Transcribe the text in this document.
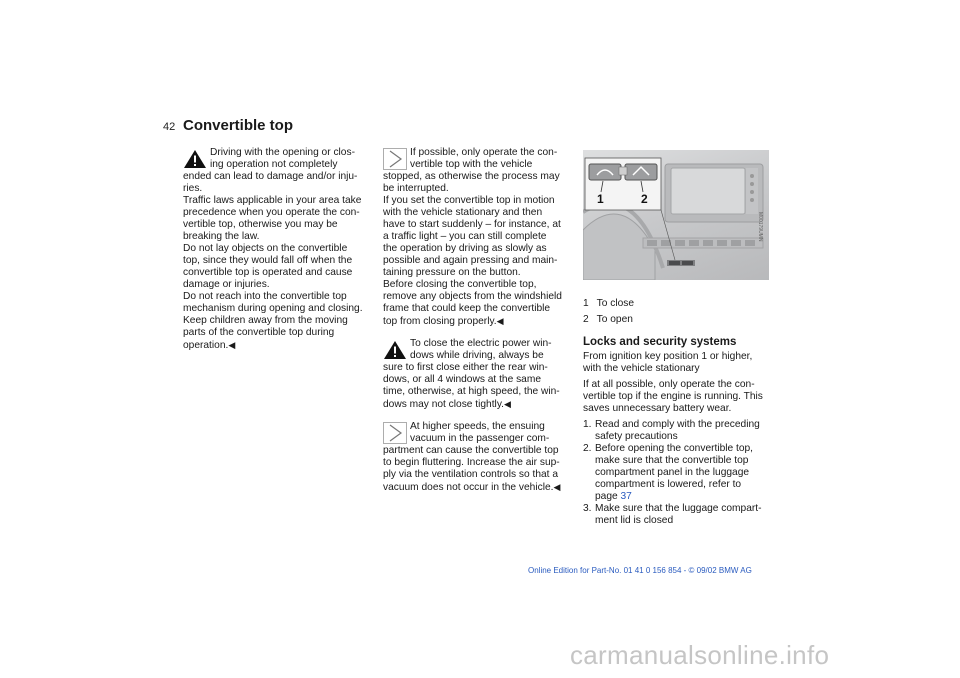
42 Convertible top

Driving with the opening or clos-

ing operation not completely

ended can lead to damage and/or inju-

ries.

Traffic laws applicable in your area take

precedence when you operate the con-

vertible top, otherwise you may be

breaking the law.

Do not lay objects on the convertible

top, since they would fall off when the

convertible top is operated and cause

damage or injuries.

Do not reach into the convertible top

mechanism during opening and closing.

Keep children away from the moving

parts of the convertible top during

operation.◀

If possible, only operate the con-

vertible top with the vehicle

stopped, as otherwise the process may

be interrupted.

If you set the convertible top in motion

with the vehicle stationary and then

have to start suddenly – for instance, at

a traffic light – you can still complete

the operation by driving as slowly as

possible and again pressing and main-

taining pressure on the button.

Before closing the convertible top,

remove any objects from the windshield

frame that could keep the convertible

top from closing properly.◀

To close the electric power win-

dows while driving, always be

sure to first close either the rear win-

dows, or all 4 windows at the same

time, otherwise, at high speed, the win-

dows may not close tightly.◀

At higher speeds, the ensuing

vacuum in the passenger com-

partment can cause the convertible top

to begin fluttering. Increase the air sup-

ply via the ventilation controls so that a

vacuum does not occur in the vehicle.◀

1	2
M00179UMN
1 To close
2 To open
Locks and security systems
From ignition key position 1 or higher,
with the vehicle stationary
If at all possible, only operate the con-
vertible top if the engine is running. This
saves unnecessary battery wear.
1. Read and comply with the preceding
safety precautions
2. Before opening the convertible top,
make sure that the convertible top
compartment panel in the luggage
compartment is lowered, refer to
page 37
3. Make sure that the luggage compart-
ment lid is closed
Online Edition for Part-No. 01 41 0 156 854 - © 09/02 BMW AG
carmanualsonline.info
